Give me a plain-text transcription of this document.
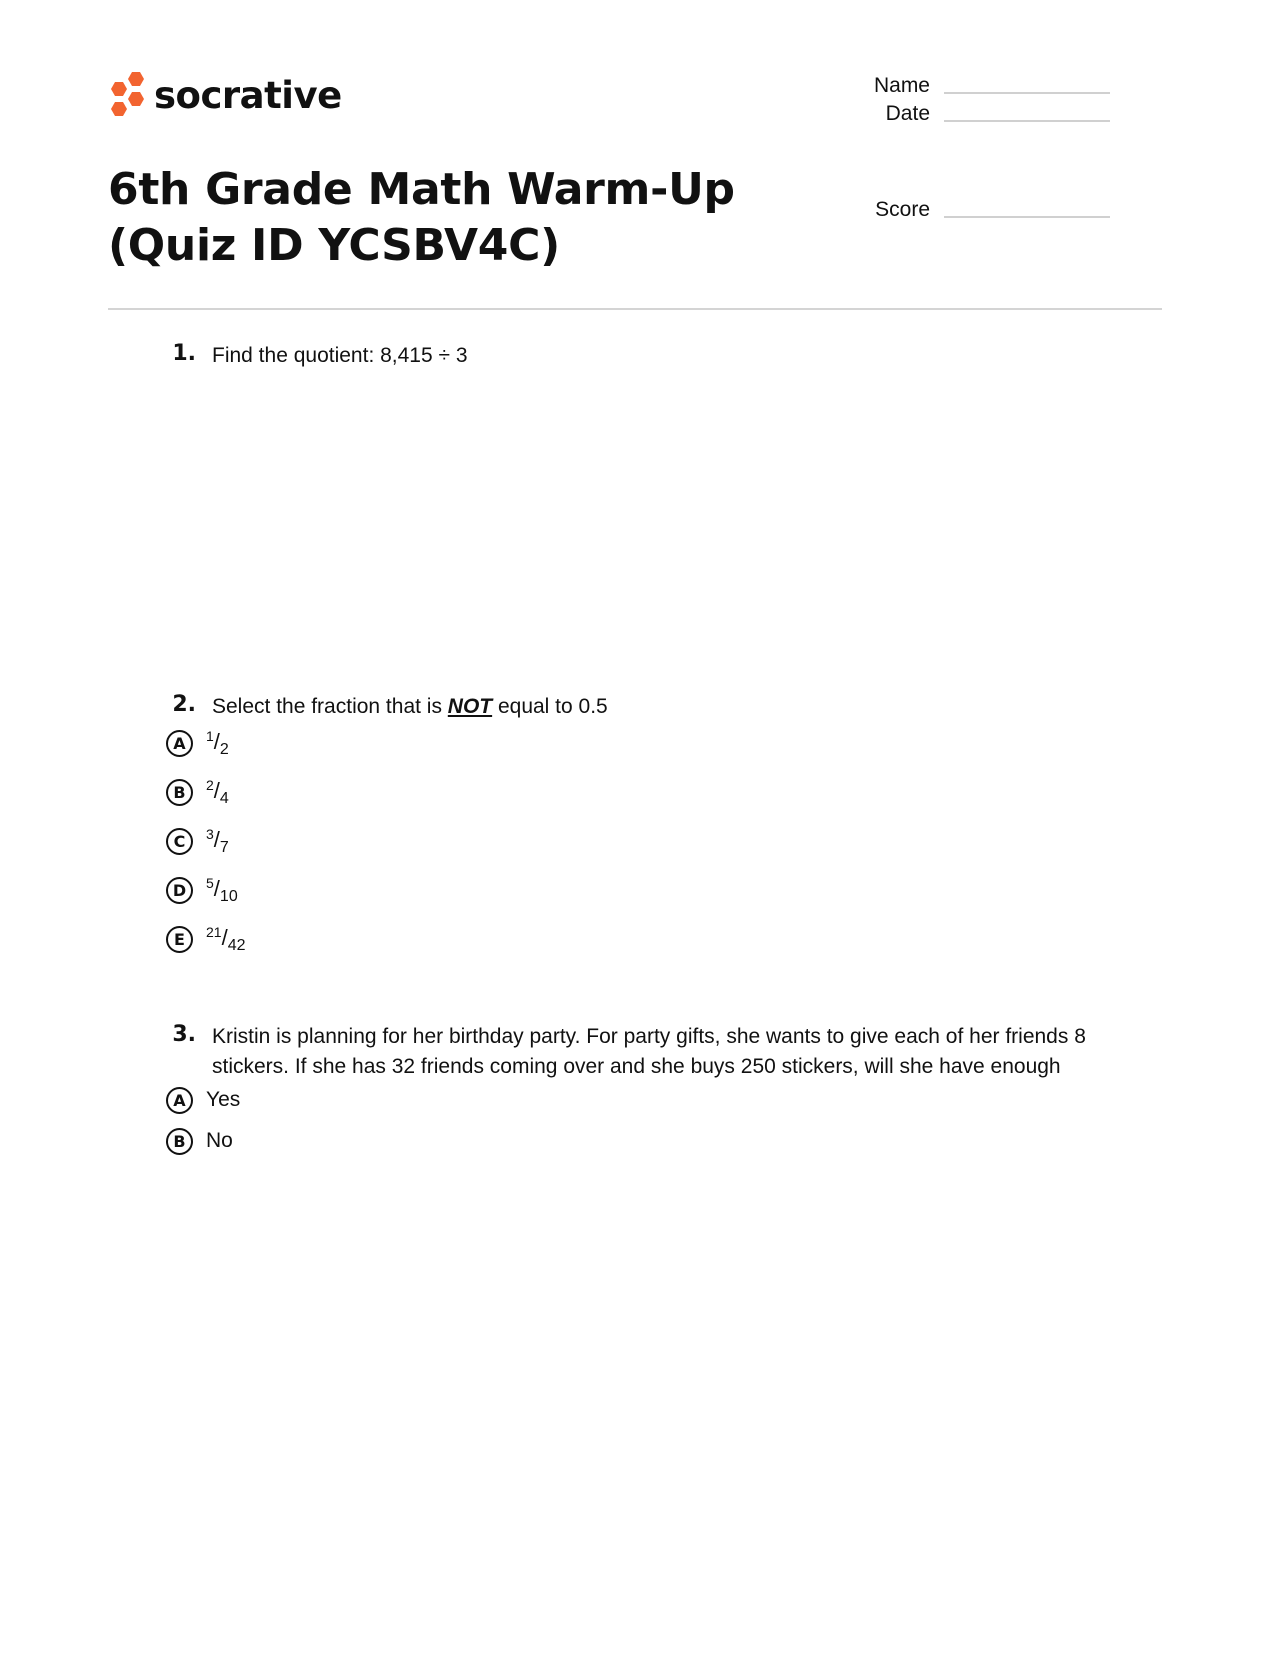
socrative
6th Grade Math Warm-Up (Quiz ID YCSBV4C)
Name
Date
Score
1. Find the quotient: 8,415 ÷ 3
2. Select the fraction that is NOT equal to 0.5
A	$^1/_2$
B	$^2/_4$
C	$^3/_7$
D	$^5/_{10}$
E	$^{21}/_{42}$
3. Kristin is planning for her birthday party. For party gifts, she wants to give each of her friends 8 stickers. If she has 32 friends coming over and she buys 250 stickers, will she have enough
A Yes
B No
